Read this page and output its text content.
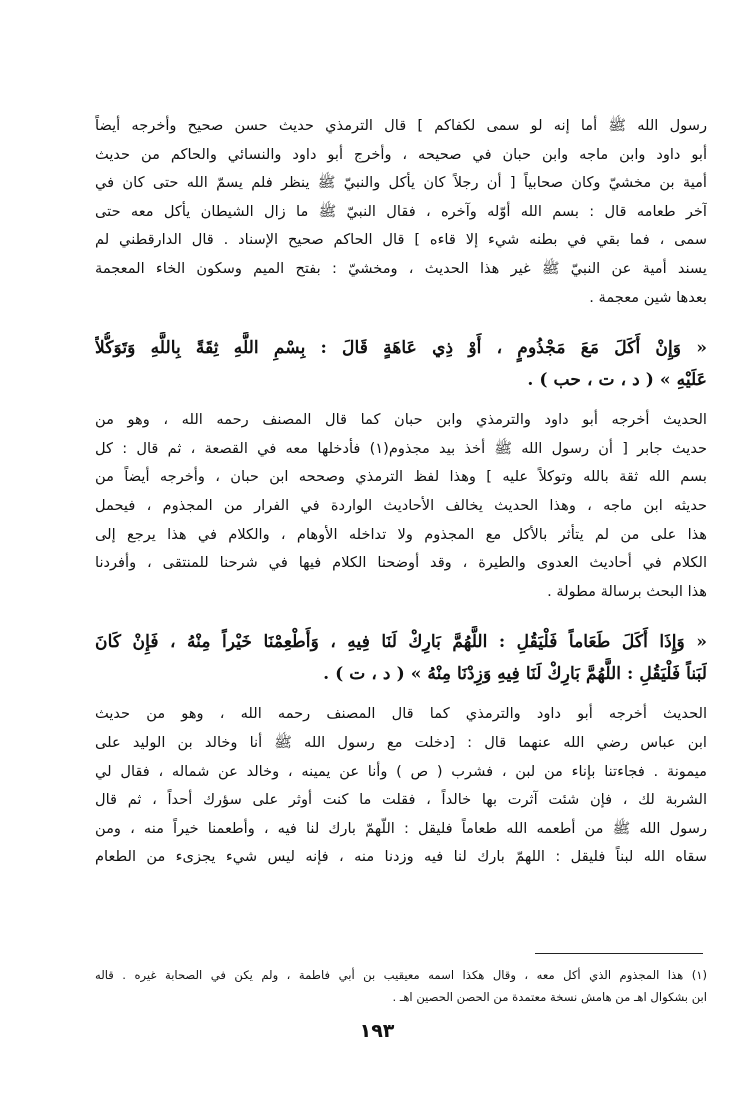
رسول الله ﷺ أما إنه لو سمى لكفاكم ] قال الترمذي حديث حسن صحيح وأخرجه أيضاً
أبو داود وابن ماجه وابن حبان في صحيحه ، وأخرج أبو داود والنسائي والحاكم من حديث
أمية بن مخشيّ وكان صحابياً [ أن رجلاً كان يأكل والنبيّ ﷺ ينظر فلم يسمّ الله حتى كان في
آخر طعامه قال : بسم الله أوّله وآخره ، فقال النبيّ ﷺ ما زال الشيطان يأكل معه حتى
سمى ، فما بقي في بطنه شيء إلا قاءه ] قال الحاكم صحيح الإسناد . قال الدارقطني لم
يسند أمية عن النبيّ ﷺ غير هذا الحديث ، ومخشيّ : بفتح الميم وسكون الخاء المعجمة
بعدها شين معجمة .
« وَإِنْ أَكَلَ مَعَ مَجْذُومٍ ، أَوْ ذِي عَاهَةٍ قَالَ : بِسْمِ اللَّهِ ثِقَةً بِاللَّهِ وَتَوَكُّلاً
عَلَيْهِ » ( د ، ت ، حب ) .
الحديث أخرجه أبو داود والترمذي وابن حبان كما قال المصنف رحمه الله ، وهو من
حديث جابر [ أن رسول الله ﷺ أخذ بيد مجذوم(١) فأدخلها معه في القصعة ، ثم قال : كل
بسم الله ثقة بالله وتوكلاً عليه ] وهذا لفظ الترمذي وصححه ابن حبان ، وأخرجه أيضاً من
حديثه ابن ماجه ، وهذا الحديث يخالف الأحاديث الواردة في الفرار من المجذوم ، فيحمل
هذا على من لم يتأثر بالأكل مع المجذوم ولا تداخله الأوهام ، والكلام في هذا يرجع إلى
الكلام في أحاديث العدوى والطيرة ، وقد أوضحنا الكلام فيها في شرحنا للمنتقى ، وأفردنا
هذا البحث برسالة مطولة .
« وَإِذَا أَكَلَ طَعَاماً فَلْيَقُلِ : اللَّهُمَّ بَارِكْ لَنَا فِيهِ ، وَأَطْعِمْنَا خَيْراً مِنْهُ ، فَإِنْ كَانَ
لَبَناً فَلْيَقُلِ : اللَّهُمَّ بَارِكْ لَنَا فِيهِ وَزِدْنَا مِنْهُ » ( د ، ت ) .
الحديث أخرجه أبو داود والترمذي كما قال المصنف رحمه الله ، وهو من حديث
ابن عباس رضي الله عنهما قال : [دخلت مع رسول الله ﷺ أنا وخالد بن الوليد على
ميمونة . فجاءتنا بإناء من لبن ، فشرب ( ص ) وأنا عن يمينه ، وخالد عن شماله ، فقال لي
الشربة لك ، فإن شئت آثرت بها خالداً ، فقلت ما كنت أوثر على سؤرك أحداً ، ثم قال
رسول الله ﷺ من أطعمه الله طعاماً فليقل : اللّهمّ بارك لنا فيه ، وأطعمنا خيراً منه ، ومن
سقاه الله لبناً فليقل : اللهمّ بارك لنا فيه وزدنا منه ، فإنه ليس شيء يجزىء من الطعام
(١) هذا المجذوم الذي أكل معه ، وقال هكذا اسمه معيقيب بن أبي فاطمة ، ولم يكن في الصحابة غيره . قاله
ابن بشكوال اهـ من هامش نسخة معتمدة من الحصن الحصين اهـ .
١٩٣
